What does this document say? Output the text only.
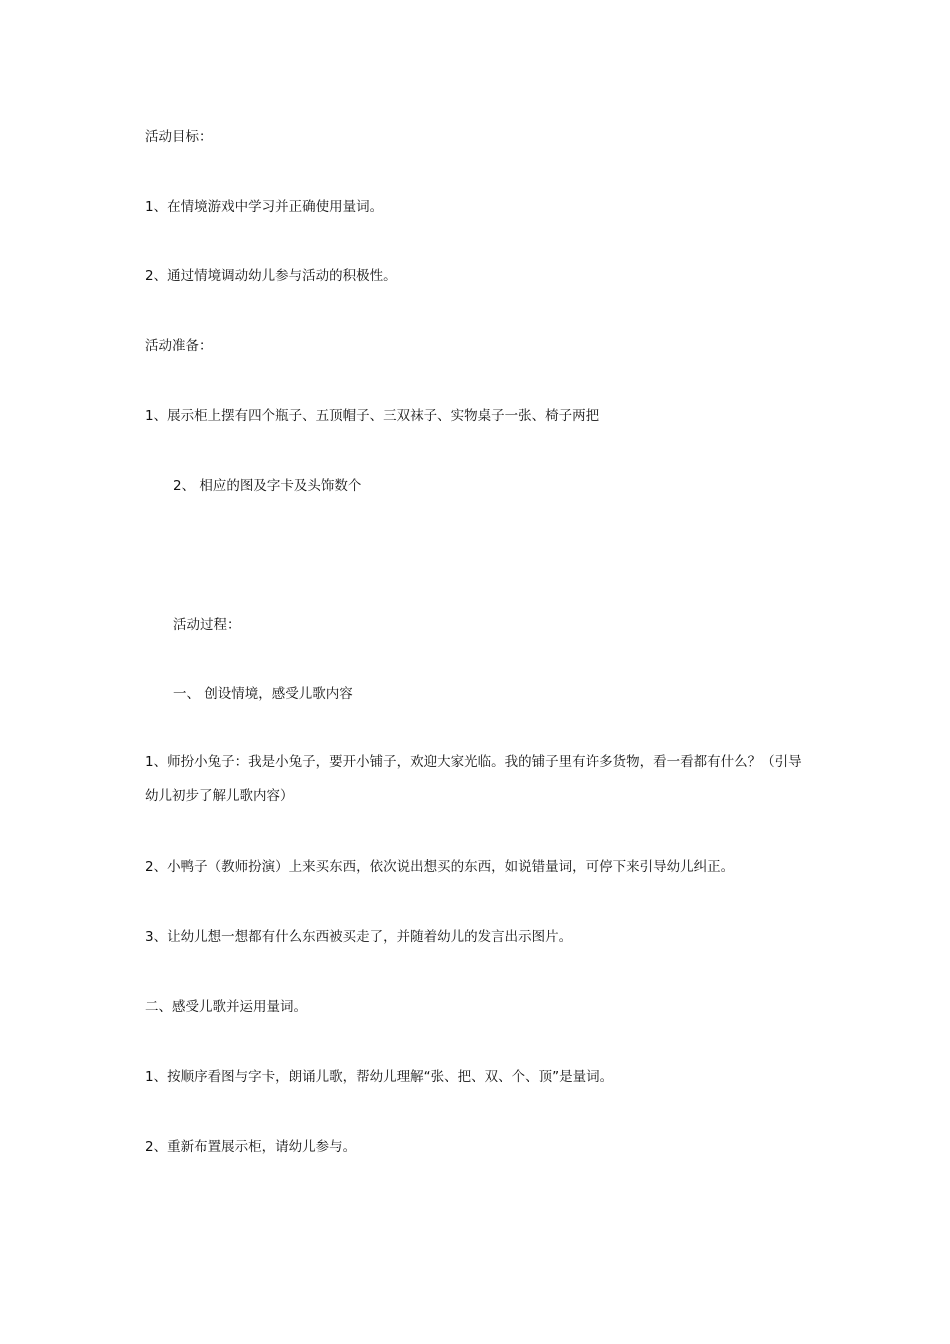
活动目标：
1、在情境游戏中学习并正确使用量词。
2、通过情境调动幼儿参与活动的积极性。
活动准备：
1、展示柜上摆有四个瓶子、五顶帽子、三双袜子、实物桌子一张、椅子两把
2、 相应的图及字卡及头饰数个
活动过程：
一、 创设情境，感受儿歌内容
1、师扮小兔子：我是小兔子，要开小铺子，欢迎大家光临。我的铺子里有许多货物，看一看都有什么？（引导幼儿初步了解儿歌内容）
2、小鸭子（教师扮演）上来买东西，依次说出想买的东西，如说错量词，可停下来引导幼儿纠正。
3、让幼儿想一想都有什么东西被买走了，并随着幼儿的发言出示图片。
二、感受儿歌并运用量词。
1、按顺序看图与字卡，朗诵儿歌，帮幼儿理解“张、把、双、个、顶”是量词。
2、重新布置展示柜，请幼儿参与。
